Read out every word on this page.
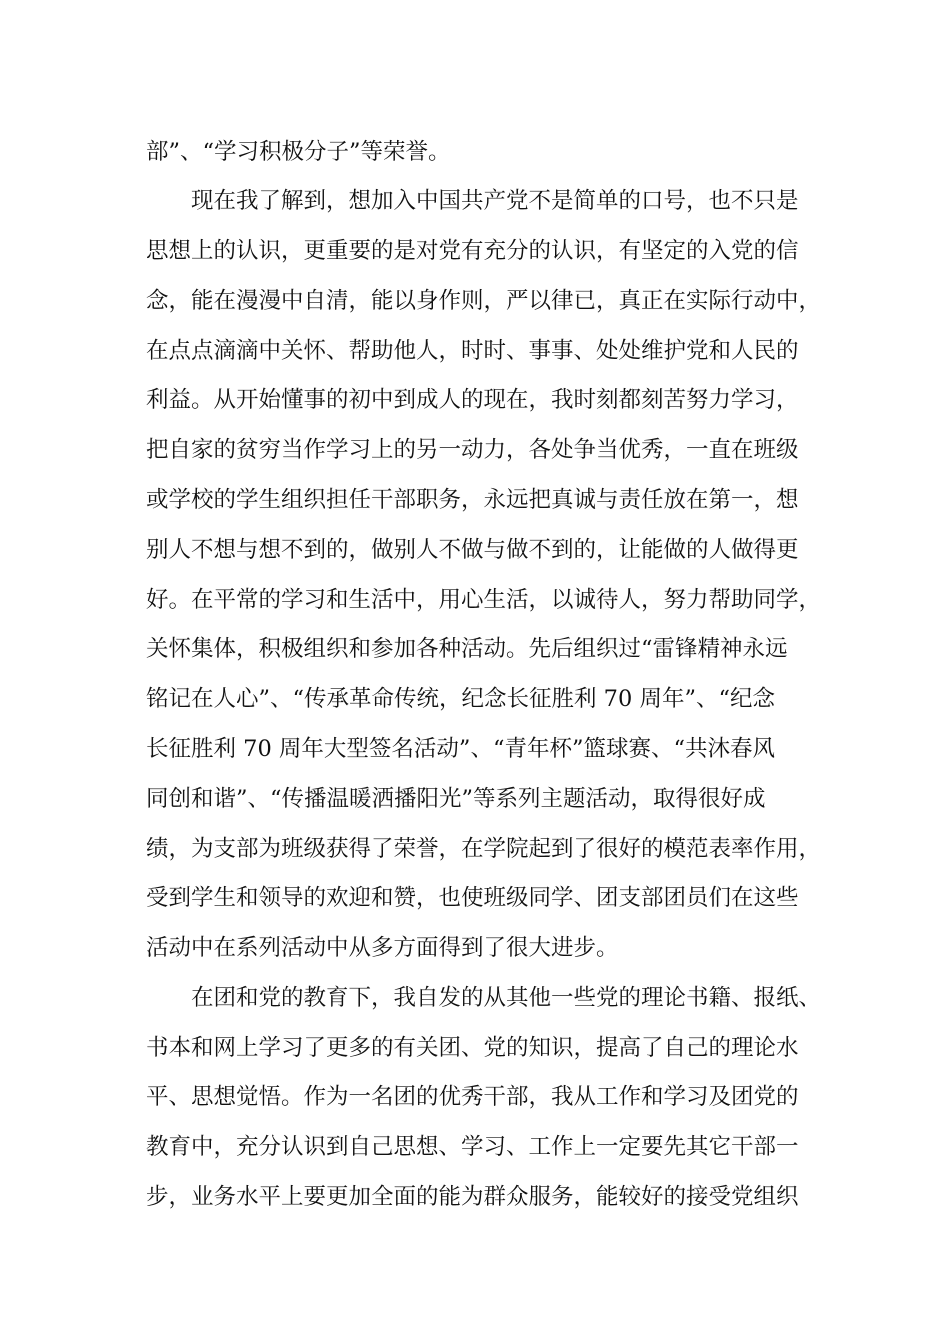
部”、“学习积极分子”等荣誉。
　　现在我了解到，想加入中国共产党不是简单的口号，也不只是
思想上的认识，更重要的是对党有充分的认识，有坚定的入党的信
念，能在漫漫中自清，能以身作则，严以律已，真正在实际行动中，
在点点滴滴中关怀、帮助他人，时时、事事、处处维护党和人民的
利益。从开始懂事的初中到成人的现在，我时刻都刻苦努力学习，
把自家的贫穷当作学习上的另一动力，各处争当优秀，一直在班级
或学校的学生组织担任干部职务，永远把真诚与责任放在第一，想
别人不想与想不到的，做别人不做与做不到的，让能做的人做得更
好。在平常的学习和生活中，用心生活，以诚待人，努力帮助同学，
关怀集体，积极组织和参加各种活动。先后组织过“雷锋精神永远
铭记在人心”、“传承革命传统，纪念长征胜利 70 周年”、“纪念
长征胜利 70 周年大型签名活动”、“青年杯”篮球赛、“共沐春风
同创和谐”、“传播温暖洒播阳光”等系列主题活动，取得很好成
绩，为支部为班级获得了荣誉，在学院起到了很好的模范表率作用，
受到学生和领导的欢迎和赞，也使班级同学、团支部团员们在这些
活动中在系列活动中从多方面得到了很大进步。
　　在团和党的教育下，我自发的从其他一些党的理论书籍、报纸、
书本和网上学习了更多的有关团、党的知识，提高了自己的理论水
平、思想觉悟。作为一名团的优秀干部，我从工作和学习及团党的
教育中，充分认识到自己思想、学习、工作上一定要先其它干部一
步，业务水平上要更加全面的能为群众服务，能较好的接受党组织
